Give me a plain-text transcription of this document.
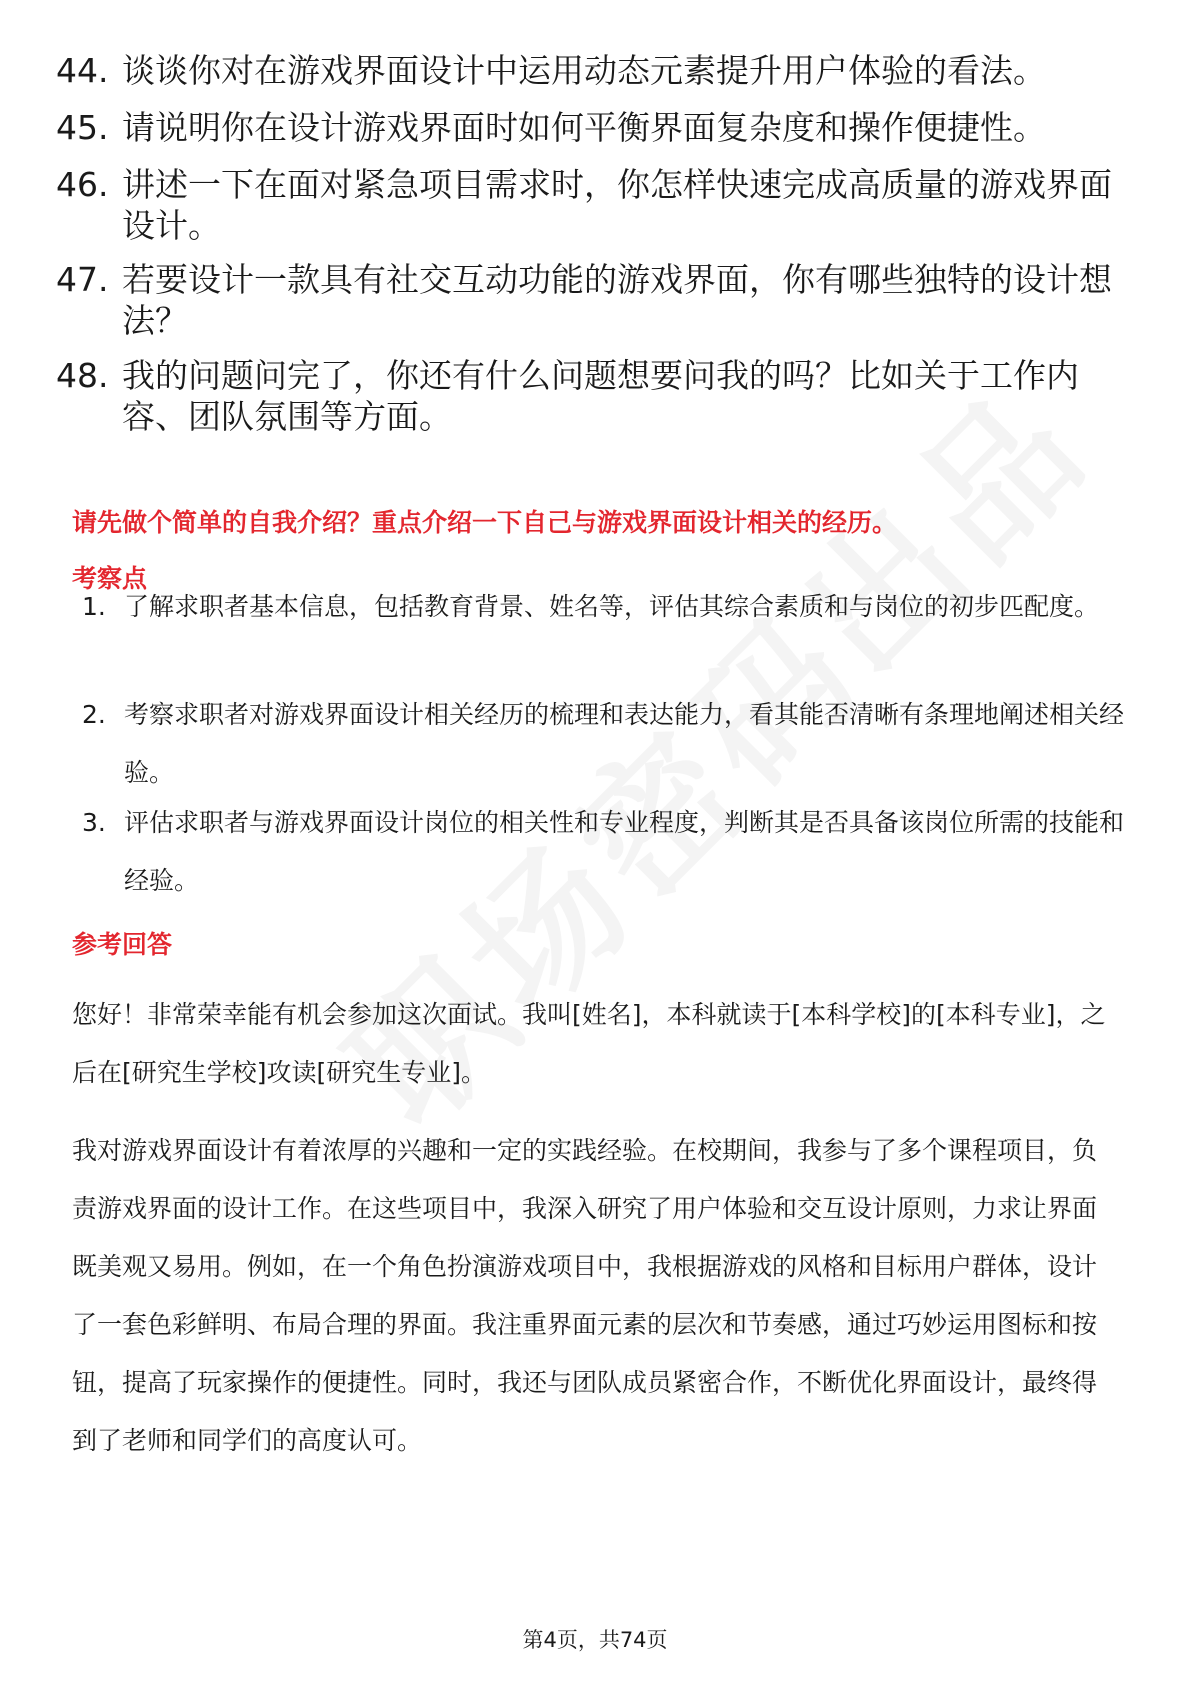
44. 谈谈你对在游戏界面设计中运用动态元素提升用户体验的看法。
45. 请说明你在设计游戏界面时如何平衡界面复杂度和操作便捷性。
46. 讲述一下在面对紧急项目需求时，你怎样快速完成高质量的游戏界面设计。
47. 若要设计一款具有社交互动功能的游戏界面，你有哪些独特的设计想法？
48. 我的问题问完了，你还有什么问题想要问我的吗？比如关于工作内容、团队氛围等方面。
请先做个简单的自我介绍？重点介绍一下自己与游戏界面设计相关的经历。
考察点
1. 了解求职者基本信息，包括教育背景、姓名等，评估其综合素质和与岗位的初步匹配度。
2. 考察求职者对游戏界面设计相关经历的梳理和表达能力，看其能否清晰有条理地阐述相关经验。
3. 评估求职者与游戏界面设计岗位的相关性和专业程度，判断其是否具备该岗位所需的技能和经验。
参考回答
您好！非常荣幸能有机会参加这次面试。我叫[姓名]，本科就读于[本科学校]的[本科专业]，之后在[研究生学校]攻读[研究生专业]。
我对游戏界面设计有着浓厚的兴趣和一定的实践经验。在校期间，我参与了多个课程项目，负责游戏界面的设计工作。在这些项目中，我深入研究了用户体验和交互设计原则，力求让界面既美观又易用。例如，在一个角色扮演游戏项目中，我根据游戏的风格和目标用户群体，设计了一套色彩鲜明、布局合理的界面。我注重界面元素的层次和节奏感，通过巧妙运用图标和按钮，提高了玩家操作的便捷性。同时，我还与团队成员紧密合作，不断优化界面设计，最终得到了老师和同学们的高度认可。
第4页，共74页
